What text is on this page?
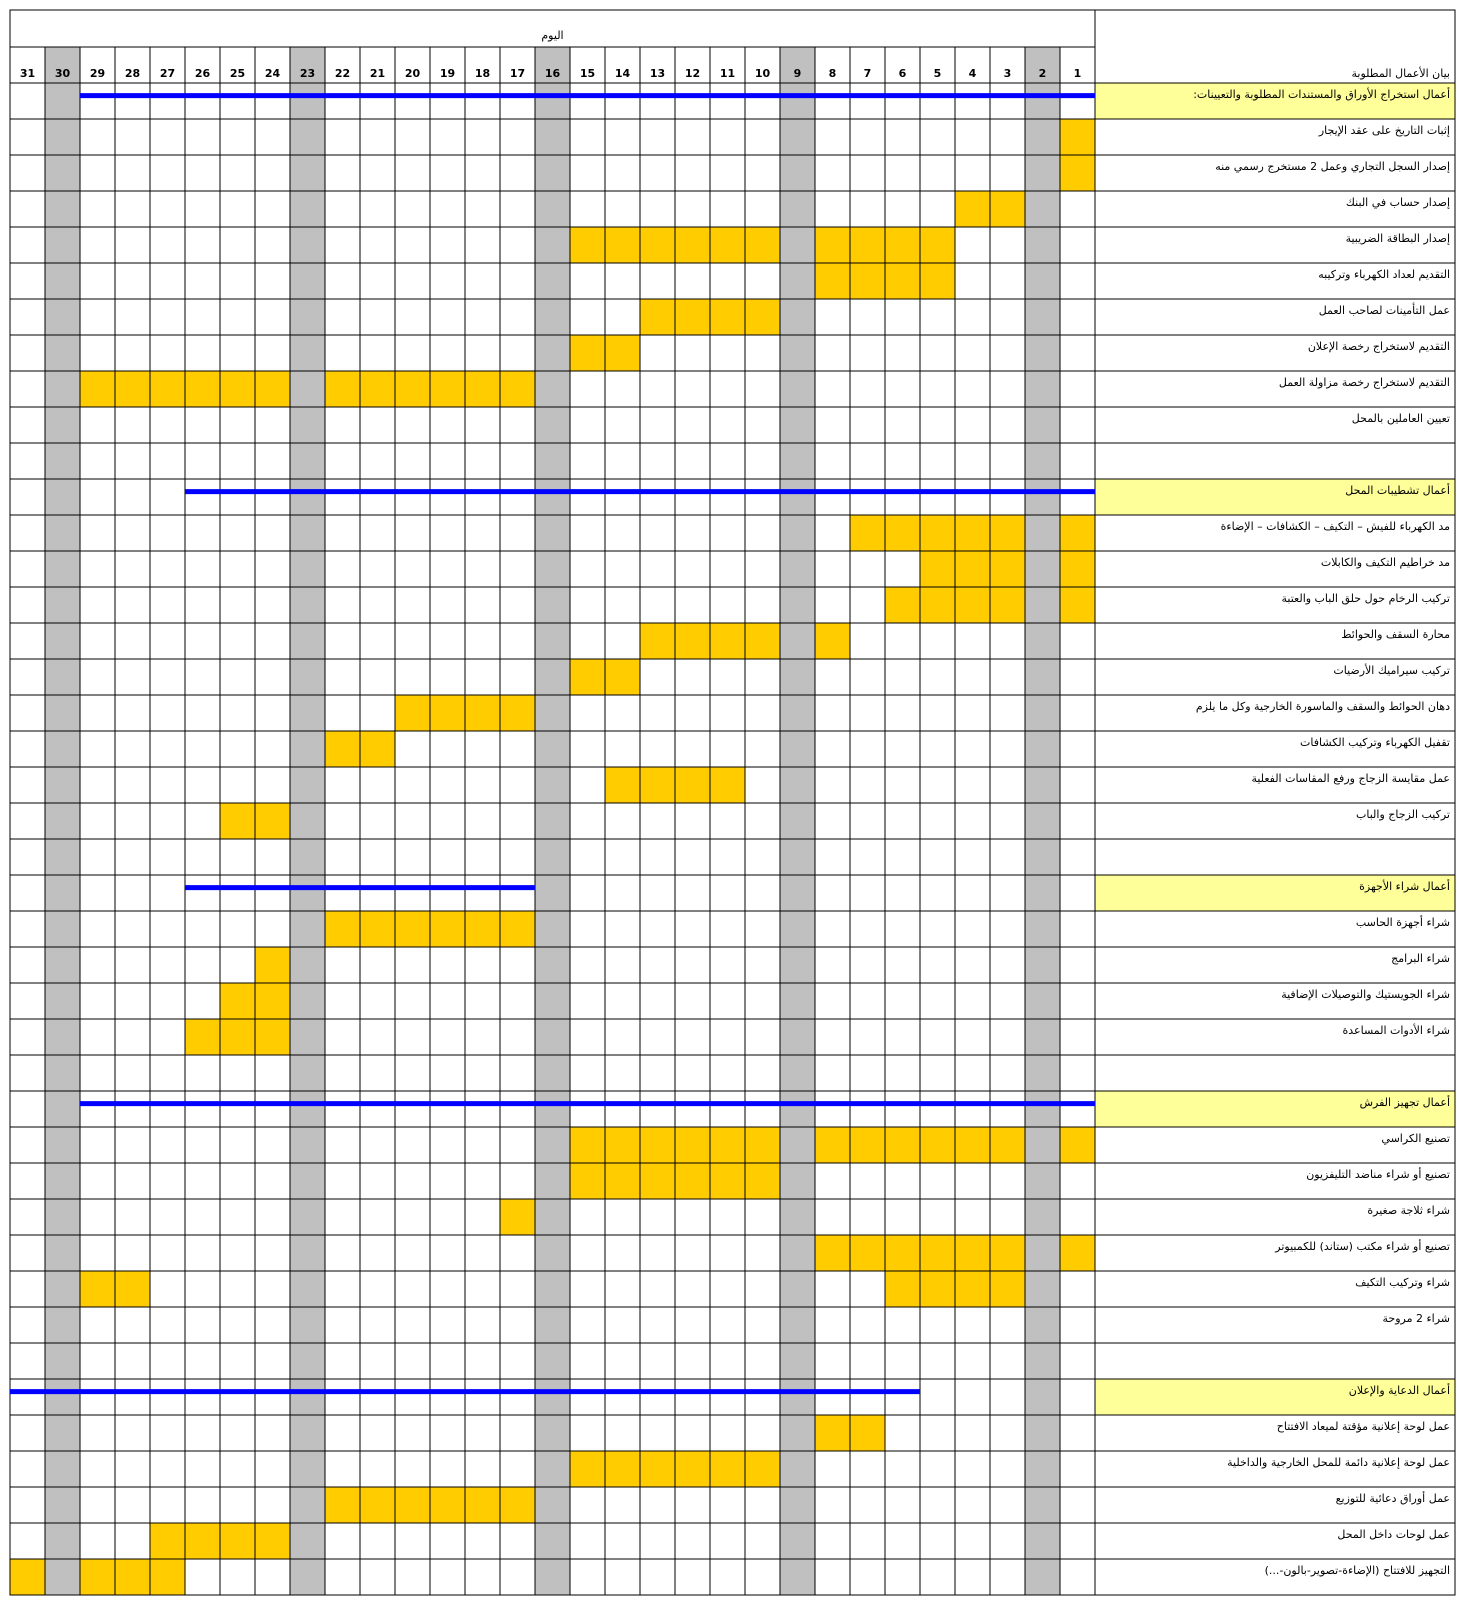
اليوم
بيان الأعمال المطلوبة
1
2
3
4
5
6
7
8
9
10
11
12
13
14
15
16
17
18
19
20
21
22
23
24
25
26
27
28
29
30
31
أعمال استخراج الأوراق والمستندات المطلوبة والتعيينات:
إثبات التاريخ على عقد الإيجار
إصدار السجل التجاري وعمل 2 مستخرج رسمي منه
إصدار حساب في البنك
إصدار البطاقة الضريبية
التقديم لعداد الكهرباء وتركيبه
عمل التأمينات لصاحب العمل
التقديم لاستخراج رخصة الإعلان
التقديم لاستخراج رخصة مزاولة العمل
تعيين العاملين بالمحل
أعمال تشطيبات المحل
مد الكهرباء للفيش – التكيف – الكشافات – الإضاءة
مد خراطيم التكيف والكابلات
تركيب الرخام حول حلق الباب والعتبة
محارة السقف والحوائط
تركيب سيراميك الأرضيات
دهان الحوائط والسقف والماسورة الخارجية وكل ما يلزم
تقفيل الكهرباء وتركيب الكشافات
عمل مقايسة الزجاج ورفع المقاسات الفعلية
تركيب الزجاج والباب
أعمال شراء الأجهزة
شراء أجهزة الحاسب
شراء البرامج
شراء الجويستيك والتوصيلات الإضافية
شراء الأدوات المساعدة
أعمال تجهيز الفرش
تصنيع الكراسي
تصنيع أو شراء مناضد التليفزيون
شراء ثلاجة صغيرة
تصنيع أو شراء مكتب (ستاند) للكمبيوتر
شراء وتركيب التكيف
شراء 2 مروحة
أعمال الدعاية والإعلان
عمل لوحة إعلانية مؤقتة لميعاد الافتتاح
عمل لوحة إعلانية دائمة للمحل الخارجية والداخلية
عمل أوراق دعائية للتوزيع
عمل لوحات داخل المحل
التجهيز للافتتاح (الإضاءة-تصوير-بالون-...)
